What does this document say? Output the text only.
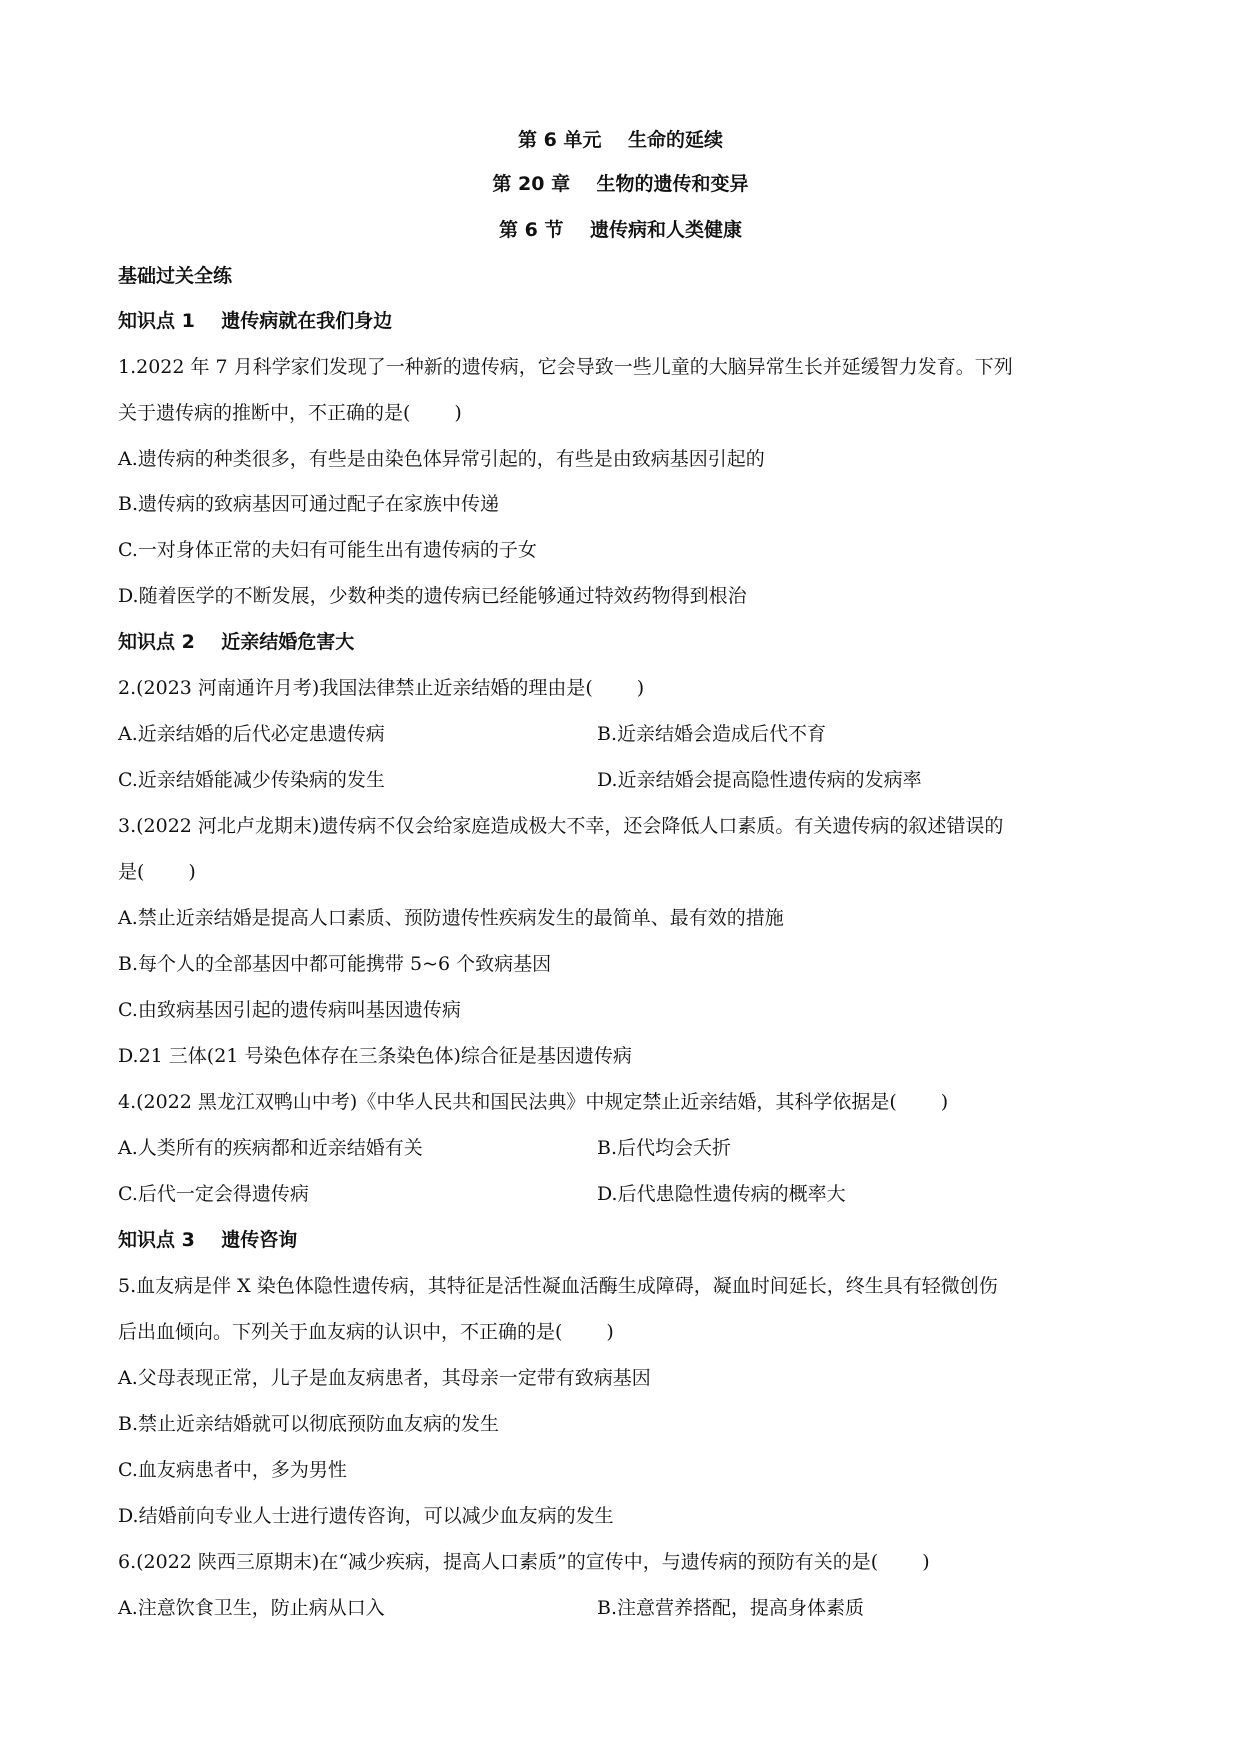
第 6 单元    生命的延续
第 20 章    生物的遗传和变异
第 6 节    遗传病和人类健康
基础过关全练
知识点 1    遗传病就在我们身边
1.2022 年 7 月科学家们发现了一种新的遗传病，它会导致一些儿童的大脑异常生长并延缓智力发育。下列
关于遗传病的推断中，不正确的是( )
A.遗传病的种类很多，有些是由染色体异常引起的，有些是由致病基因引起的
B.遗传病的致病基因可通过配子在家族中传递
C.一对身体正常的夫妇有可能生出有遗传病的子女
D.随着医学的不断发展，少数种类的遗传病已经能够通过特效药物得到根治
知识点 2    近亲结婚危害大
2.(2023 河南通许月考)我国法律禁止近亲结婚的理由是( )
A.近亲结婚的后代必定患遗传病	B.近亲结婚会造成后代不育
C.近亲结婚能减少传染病的发生	D.近亲结婚会提高隐性遗传病的发病率
3.(2022 河北卢龙期末)遗传病不仅会给家庭造成极大不幸，还会降低人口素质。有关遗传病的叙述错误的
是( )
A.禁止近亲结婚是提高人口素质、预防遗传性疾病发生的最简单、最有效的措施
B.每个人的全部基因中都可能携带 5~6 个致病基因
C.由致病基因引起的遗传病叫基因遗传病
D.21 三体(21 号染色体存在三条染色体)综合征是基因遗传病
4.(2022 黑龙江双鸭山中考)《中华人民共和国民法典》中规定禁止近亲结婚，其科学依据是( )
A.人类所有的疾病都和近亲结婚有关	B.后代均会夭折
C.后代一定会得遗传病	D.后代患隐性遗传病的概率大
知识点 3    遗传咨询
5.血友病是伴 X 染色体隐性遗传病，其特征是活性凝血活酶生成障碍，凝血时间延长，终生具有轻微创伤
后出血倾向。下列关于血友病的认识中，不正确的是( )
A.父母表现正常，儿子是血友病患者，其母亲一定带有致病基因
B.禁止近亲结婚就可以彻底预防血友病的发生
C.血友病患者中，多为男性
D.结婚前向专业人士进行遗传咨询，可以减少血友病的发生
6.(2022 陕西三原期末)在“减少疾病，提高人口素质”的宣传中，与遗传病的预防有关的是( )
A.注意饮食卫生，防止病从口入	B.注意营养搭配，提高身体素质
